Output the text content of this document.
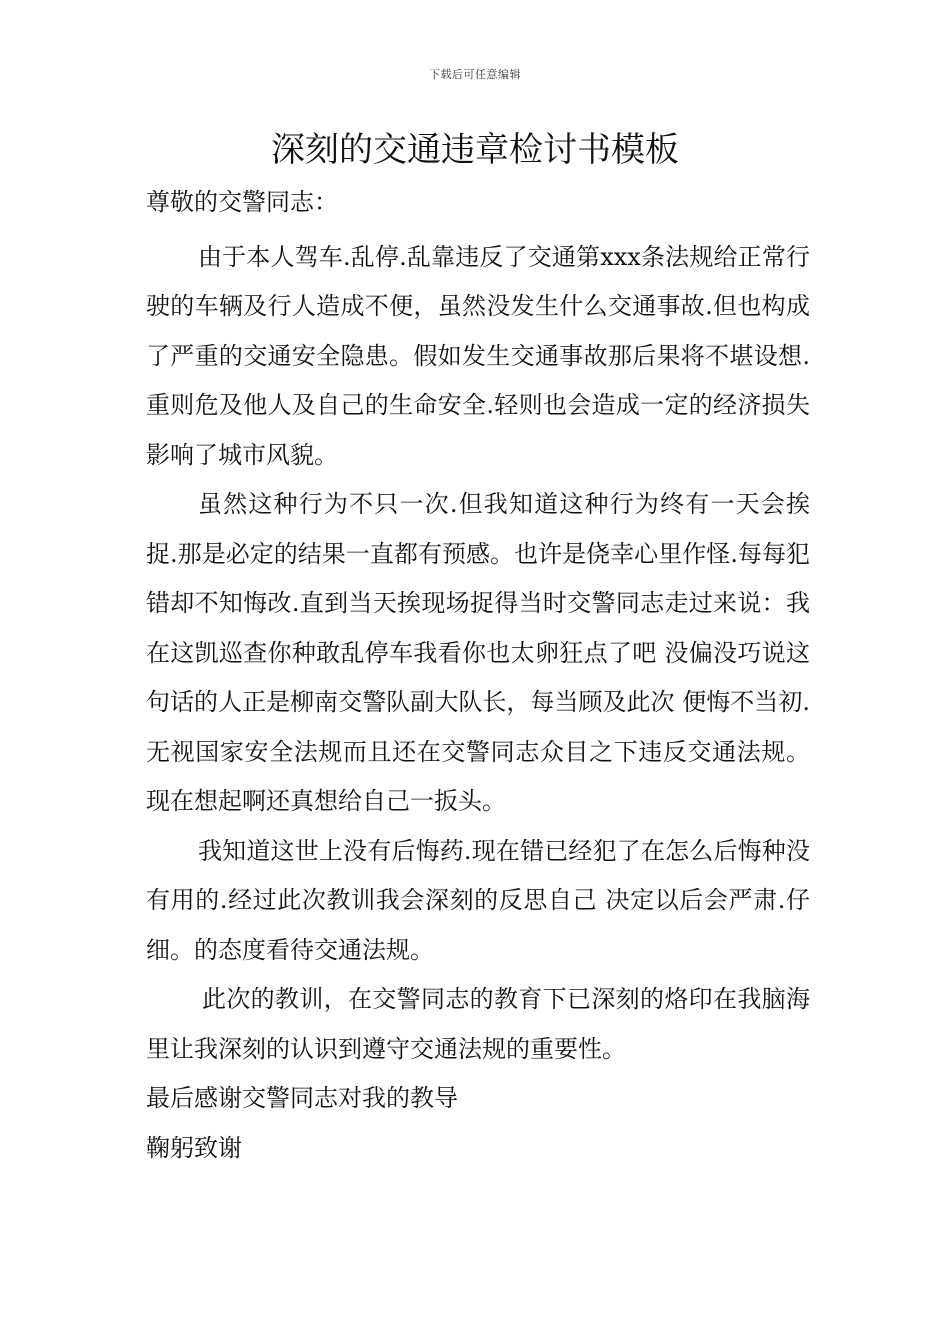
下载后可任意编辑
深刻的交通违章检讨书模板

尊敬的交警同志：

由于本人驾车.乱停.乱靠违反了交通第xxx条法规给正常行驶的车辆及行人造成不便，虽然没发生什么交通事故.但也构成了严重的交通安全隐患。假如发生交通事故那后果将不堪设想.重则危及他人及自己的生命安全.轻则也会造成一定的经济损失影响了城市风貌。

虽然这种行为不只一次.但我知道这种行为终有一天会挨捉.那是必定的结果一直都有预感。也许是侥幸心里作怪.每每犯错却不知悔改.直到当天挨现场捉得当时交警同志走过来说：我在这凯巡查你种敢乱停车我看你也太卵狂点了吧 没偏没巧说这句话的人正是柳南交警队副大队长，每当顾及此次 便悔不当初.无视国家安全法规而且还在交警同志众目之下违反交通法规。现在想起啊还真想给自己一扳头。

我知道这世上没有后悔药.现在错已经犯了在怎么后悔种没有用的.经过此次教训我会深刻的反思自己 决定以后会严肃.仔细。的态度看待交通法规。

此次的教训，在交警同志的教育下已深刻的烙印在我脑海里让我深刻的认识到遵守交通法规的重要性。

最后感谢交警同志对我的教导

鞠躬致谢
